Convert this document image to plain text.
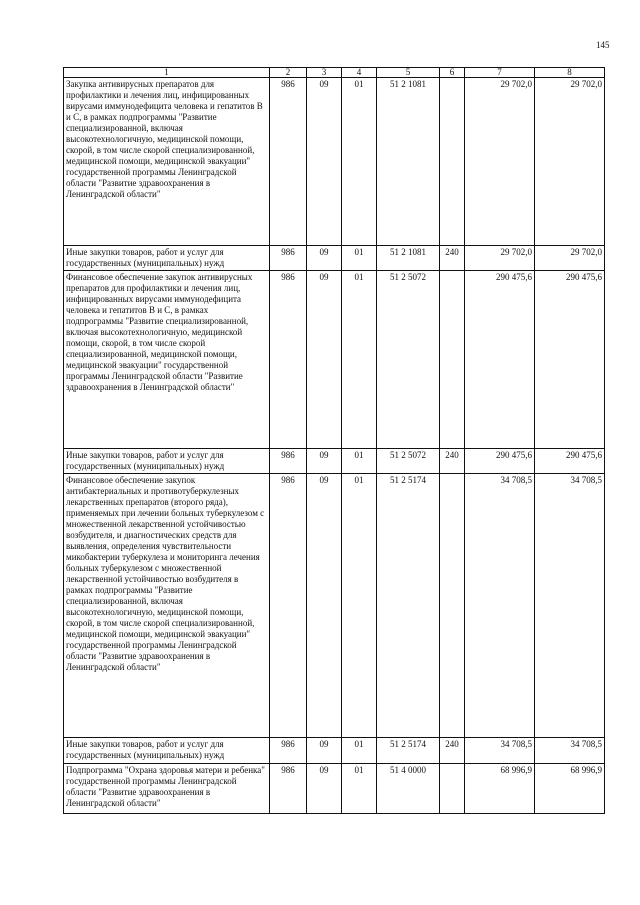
145
1	2	3	4	5	6	7	8
Закупка антивирусных препаратов для профилактики и лечения лиц, инфицированных вирусами иммунодефицита человека и гепатитов В и С, в рамках подпрограммы "Развитие специализированной, включая высокотехнологичную, медицинской помощи, скорой, в том числе скорой специализированной, медицинской помощи, медицинской эвакуации" государственной программы Ленинградской области "Развитие здравоохранения в Ленинградской области"	986	09	01	51 2 1081		29 702,0	29 702,0
Иные закупки товаров, работ и услуг для государственных (муниципальных) нужд	986	09	01	51 2 1081	240	29 702,0	29 702,0
Финансовое обеспечение закупок антивирусных препаратов для профилактики и лечения лиц, инфицированных вирусами иммунодефицита человека и гепатитов В и С, в рамках подпрограммы "Развитие специализированной, включая высокотехнологичную, медицинской помощи, скорой, в том числе скорой специализированной, медицинской помощи, медицинской эвакуации" государственной программы Ленинградской области "Развитие здравоохранения в Ленинградской области"	986	09	01	51 2 5072		290 475,6	290 475,6
Иные закупки товаров, работ и услуг для государственных (муниципальных) нужд	986	09	01	51 2 5072	240	290 475,6	290 475,6
Финансовое обеспечение закупок антибактериальных и противотуберкулезных лекарственных препаратов (второго ряда), применяемых при лечении больных туберкулезом с множественной лекарственной устойчивостью возбудителя, и диагностических средств для выявления, определения чувствительности микобактерии туберкулеза и мониторинга лечения больных туберкулезом с множественной лекарственной устойчивостью возбудителя в рамках подпрограммы "Развитие специализированной, включая высокотехнологичную, медицинской помощи, скорой, в том числе скорой специализированной, медицинской помощи, медицинской эвакуации" государственной программы Ленинградской области "Развитие здравоохранения в Ленинградской области"	986	09	01	51 2 5174		34 708,5	34 708,5
Иные закупки товаров, работ и услуг для государственных (муниципальных) нужд	986	09	01	51 2 5174	240	34 708,5	34 708,5
Подпрограмма "Охрана здоровья матери и ребенка" государственной программы Ленинградской области "Развитие здравоохранения в Ленинградской области"	986	09	01	51 4 0000		68 996,9	68 996,9
